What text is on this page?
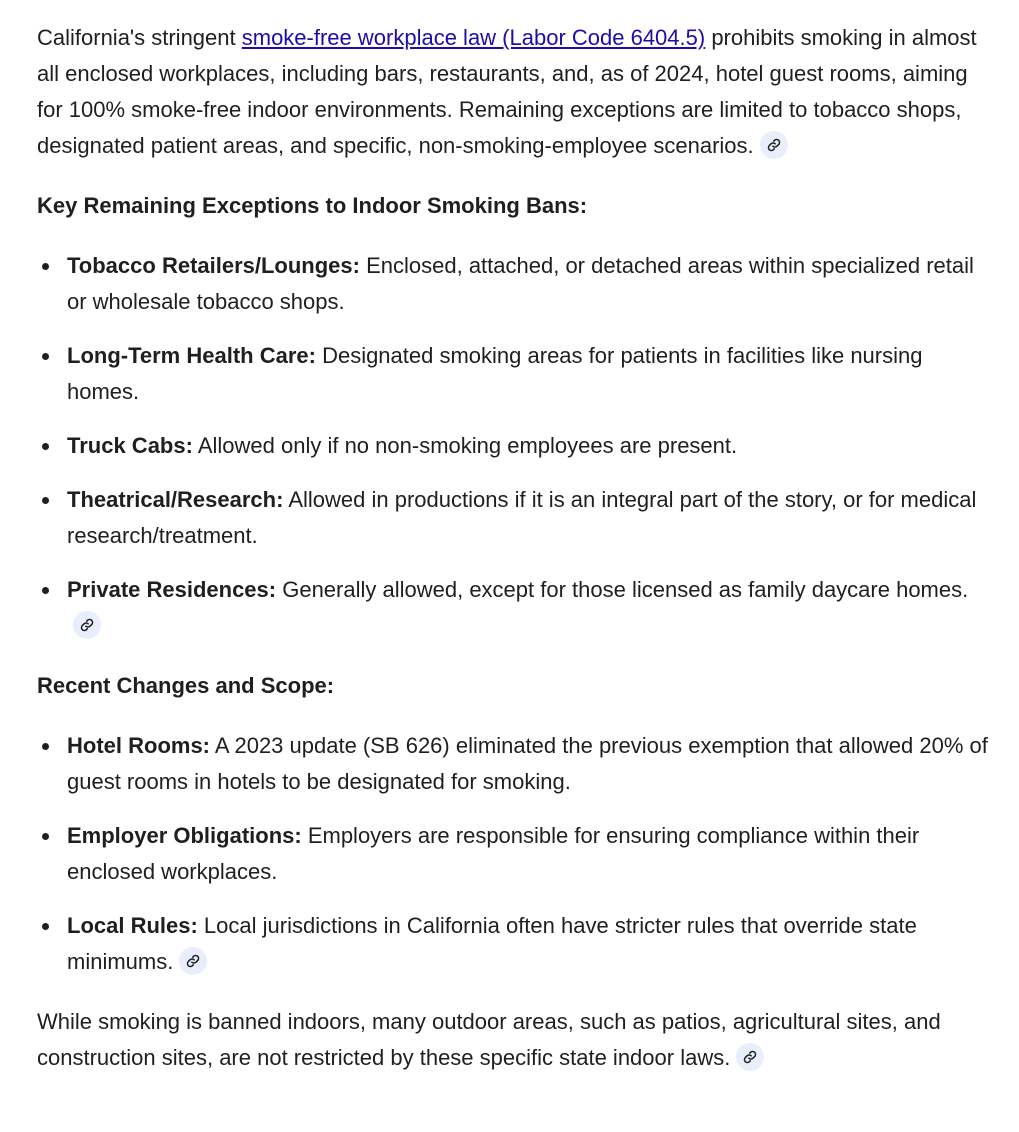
California's stringent smoke-free workplace law (Labor Code 6404.5) prohibits smoking in almost all enclosed workplaces, including bars, restaurants, and, as of 2024, hotel guest rooms, aiming for 100% smoke-free indoor environments. Remaining exceptions are limited to tobacco shops, designated patient areas, and specific, non-smoking-employee scenarios.

Key Remaining Exceptions to Indoor Smoking Bans:

Tobacco Retailers/Lounges: Enclosed, attached, or detached areas within specialized retail or wholesale tobacco shops.
Long-Term Health Care: Designated smoking areas for patients in facilities like nursing homes.
Truck Cabs: Allowed only if no non-smoking employees are present.
Theatrical/Research: Allowed in productions if it is an integral part of the story, or for medical research/treatment.
Private Residences: Generally allowed, except for those licensed as family daycare homes.

Recent Changes and Scope:

Hotel Rooms: A 2023 update (SB 626) eliminated the previous exemption that allowed 20% of guest rooms in hotels to be designated for smoking.
Employer Obligations: Employers are responsible for ensuring compliance within their enclosed workplaces.
Local Rules: Local jurisdictions in California often have stricter rules that override state minimums.

While smoking is banned indoors, many outdoor areas, such as patios, agricultural sites, and construction sites, are not restricted by these specific state indoor laws.
